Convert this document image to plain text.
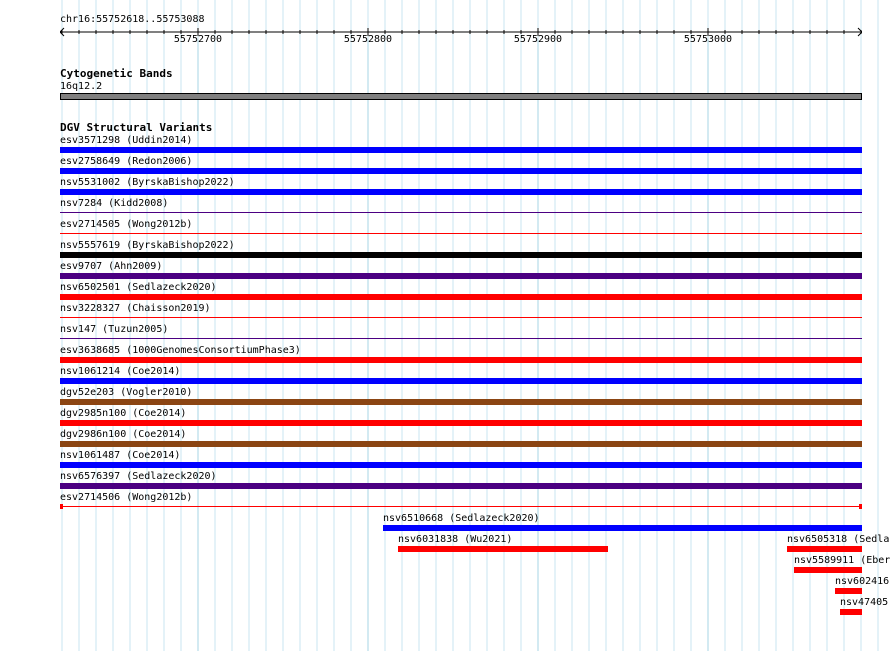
chr16:55752618..55753088
55752700	55752800	55752900	55753000
Cytogenetic Bands
16q12.2
DGV Structural Variants
esv3571298 (Uddin2014)
esv2758649 (Redon2006)
nsv5531002 (ByrskaBishop2022)
nsv7284 (Kidd2008)
esv2714505 (Wong2012b)
nsv5557619 (ByrskaBishop2022)
esv9707 (Ahn2009)
nsv6502501 (Sedlazeck2020)
nsv3228327 (Chaisson2019)
nsv147 (Tuzun2005)
esv3638685 (1000GenomesConsortiumPhase3)
nsv1061214 (Coe2014)
dgv52e203 (Vogler2010)
dgv2985n100 (Coe2014)
dgv2986n100 (Coe2014)
nsv1061487 (Coe2014)
nsv6576397 (Sedlazeck2020)
esv2714506 (Wong2012b)
nsv6510668 (Sedlazeck2020)
nsv6031838 (Wu2021)	nsv6505318 (Sedla
nsv5589911 (Eber
nsv602416
nsv47405
